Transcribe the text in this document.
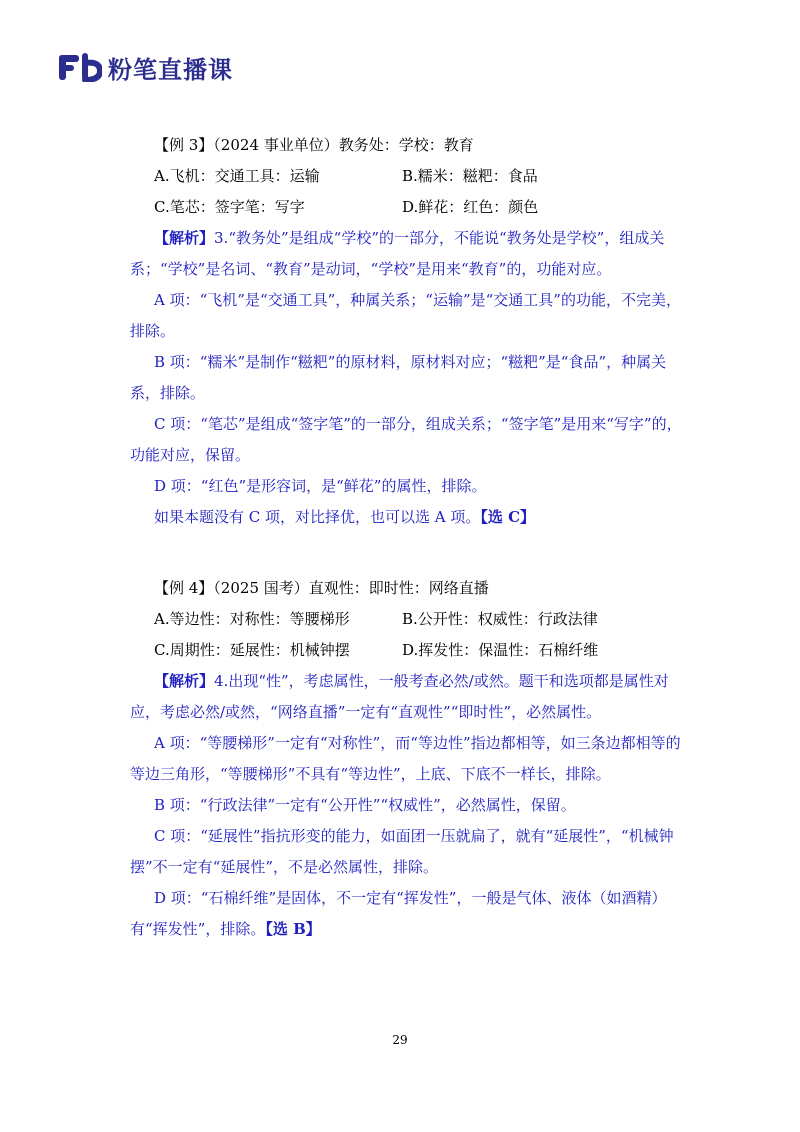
粉笔直播课
【例 3】（2024 事业单位）教务处：学校：教育
A.飞机：交通工具：运输	B.糯米：糍粑：食品
C.笔芯：签字笔：写字	D.鲜花：红色：颜色
【解析】3.“教务处”是组成“学校”的一部分，不能说“教务处是学校”，组成关系；“学校”是名词、“教育”是动词，“学校”是用来“教育”的，功能对应。
A 项：“飞机”是“交通工具”，种属关系；“运输”是“交通工具”的功能，不完美，排除。
B 项：“糯米”是制作“糍粑”的原材料，原材料对应；“糍粑”是“食品”，种属关系，排除。
C 项：“笔芯”是组成“签字笔”的一部分，组成关系；“签字笔”是用来“写字”的，功能对应，保留。
D 项：“红色”是形容词，是“鲜花”的属性，排除。
如果本题没有 C 项，对比择优，也可以选 A 项。【选 C】
【例 4】（2025 国考）直观性：即时性：网络直播
A.等边性：对称性：等腰梯形	B.公开性：权威性：行政法律
C.周期性：延展性：机械钟摆	D.挥发性：保温性：石棉纤维
【解析】4.出现“性”，考虑属性，一般考查必然/或然。题干和选项都是属性对应，考虑必然/或然，“网络直播”一定有“直观性”“即时性”，必然属性。
A 项：“等腰梯形”一定有“对称性”，而“等边性”指边都相等，如三条边都相等的等边三角形，“等腰梯形”不具有“等边性”，上底、下底不一样长，排除。
B 项：“行政法律”一定有“公开性”“权威性”，必然属性，保留。
C 项：“延展性”指抗形变的能力，如面团一压就扁了，就有“延展性”，“机械钟摆”不一定有“延展性”，不是必然属性，排除。
D 项：“石棉纤维”是固体，不一定有“挥发性”，一般是气体、液体（如酒精）有“挥发性”，排除。【选 B】
29
